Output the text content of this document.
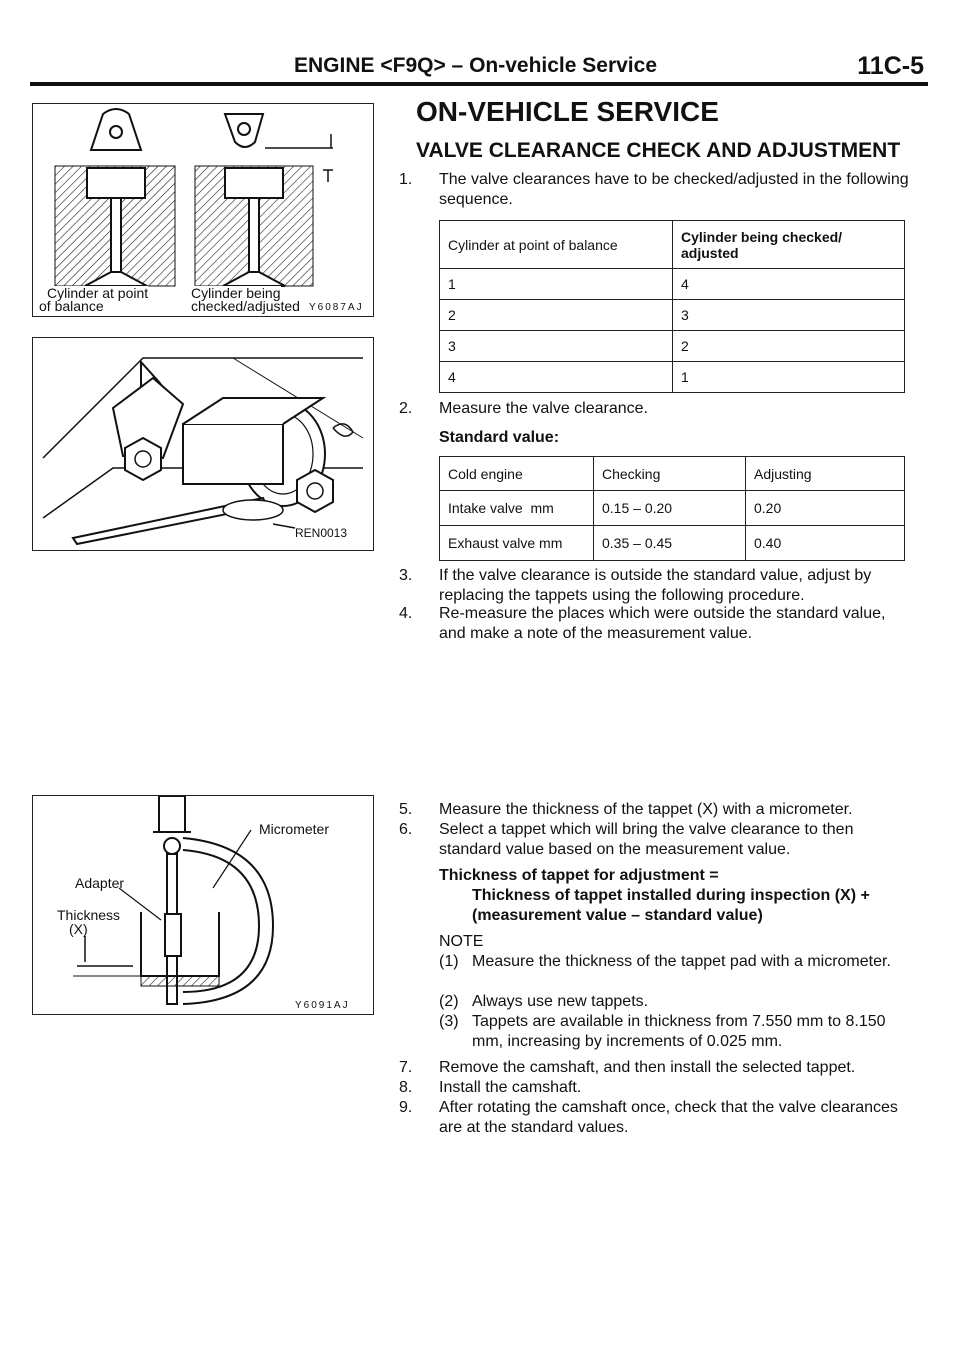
ENGINE <F9Q> – On-vehicle Service	11C-5
Cylinder at point
of balance
Cylinder being
checked/adjusted Y6087AJ
REN0013
Micrometer
Adapter
Thickness
(X)
Y6091AJ
ON-VEHICLE SERVICE
VALVE CLEARANCE CHECK AND ADJUSTMENT
1. The valve clearances have to be checked/adjusted in the following sequence.
Cylinder at point of balance	Cylinder being checked/ adjusted
1	4
2	3
3	2
4	1
2. Measure the valve clearance.
Standard value:
Cold engine	Checking	Adjusting
Intake valve  mm	0.15 – 0.20	0.20
Exhaust valve mm	0.35 – 0.45	0.40
3. If the valve clearance is outside the standard value, adjust by replacing the tappets using the following procedure.
4. Re-measure the places which were outside the standard value, and make a note of the measurement value.
5. Measure the thickness of the tappet (X) with a micrometer.
6. Select a tappet which will bring the valve clearance to then standard value based on the measurement value.
Thickness of tappet for adjustment =
Thickness of tappet installed during inspection (X) +
(measurement value – standard value)
NOTE
(1) Measure the thickness of the tappet pad with a micrometer.
(2) Always use new tappets.
(3) Tappets are available in thickness from 7.550 mm to 8.150 mm, increasing by increments of 0.025 mm.
7. Remove the camshaft, and then install the selected tappet.
8. Install the camshaft.
9. After rotating the camshaft once, check that the valve clearances are at the standard values.
